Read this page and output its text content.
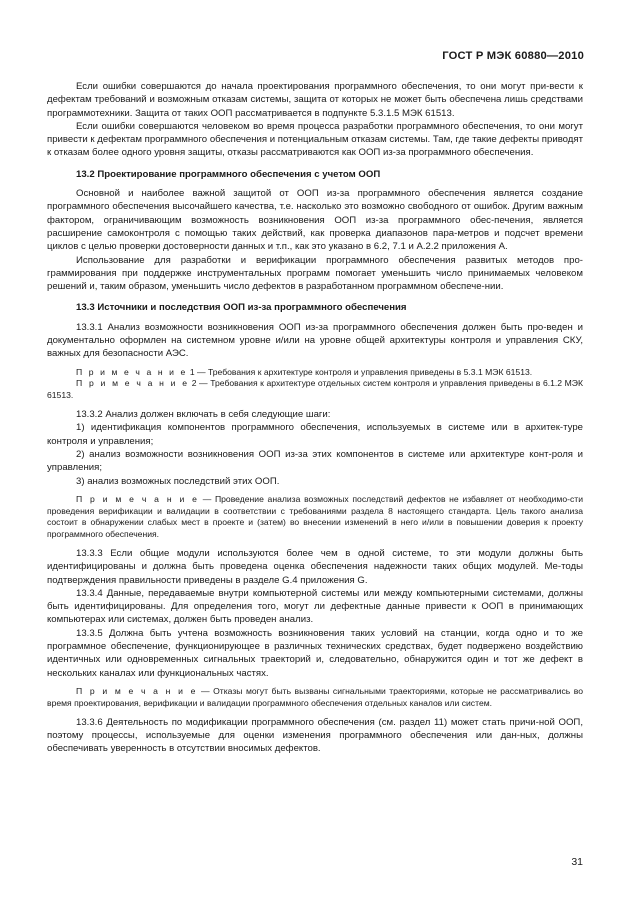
ГОСТ Р МЭК 60880—2010

Если ошибки совершаются до начала проектирования программного обеспечения, то они могут при-вести к дефектам требований и возможным отказам системы, защита от которых не может быть обеспечена лишь средствами программотехники. Защита от таких ООП рассматривается в подпункте 5.3.1.5 МЭК 61513.

Если ошибки совершаются человеком во время процесса разработки программного обеспечения, то они могут привести к дефектам программного обеспечения и потенциальным отказам системы. Там, где такие дефекты приводят к отказам более одного уровня защиты, отказы рассматриваются как ООП из-за программного обеспечения.

13.2 Проектирование программного обеспечения с учетом ООП

Основной и наиболее важной защитой от ООП из-за программного обеспечения является создание программного обеспечения высочайшего качества, т.е. насколько это возможно свободного от ошибок. Другим важным фактором, ограничивающим возможность возникновения ООП из-за программного обес-печения, является расширение самоконтроля с помощью таких действий, как проверка диапазонов пара-метров и подсчет времени циклов с целью проверки достоверности данных и т.п., как это указано в 6.2, 7.1 и А.2.2 приложения А.

Использование для разработки и верификации программного обеспечения развитых методов про-граммирования при поддержке инструментальных программ помогает уменьшить число принимаемых человеком решений и, таким образом, уменьшить число дефектов в разработанном программном обеспече-нии.

13.3 Источники и последствия ООП из-за программного обеспечения

13.3.1 Анализ возможности возникновения ООП из-за программного обеспечения должен быть про-веден и документально оформлен на системном уровне и/или на уровне общей архитектуры контроля и управления СКУ, важных для безопасности АЭС.

П р и м е ч а н и е 1 — Требования к архитектуре контроля и управления приведены в 5.3.1 МЭК 61513.

П р и м е ч а н и е 2 — Требования к архитектуре отдельных систем контроля и управления приведены в 6.1.2 МЭК 61513.

13.3.2 Анализ должен включать в себя следующие шаги:

1) идентификация компонентов программного обеспечения, используемых в системе или в архитек-туре контроля и управления;

2) анализ возможности возникновения ООП из-за этих компонентов в системе или архитектуре конт-роля и управления;

3) анализ возможных последствий этих ООП.

П р и м е ч а н и е — Проведение анализа возможных последствий дефектов не избавляет от необходимо-сти проведения верификации и валидации в соответствии с требованиями раздела 8 настоящего стандарта. Цель такого анализа состоит в обнаружении слабых мест в проекте и (затем) во внесении изменений в него и/или в повышении доверия к проекту программного обеспечения.

13.3.3 Если общие модули используются более чем в одной системе, то эти модули должны быть идентифицированы и должна быть проведена оценка обеспечения надежности таких общих модулей. Ме-тоды подтверждения правильности приведены в разделе G.4 приложения G.

13.3.4 Данные, передаваемые внутри компьютерной системы или между компьютерными системами, должны быть идентифицированы. Для определения того, могут ли дефектные данные привести к ООП в принимающих компьютерах или системах, должен быть проведен анализ.

13.3.5 Должна быть учтена возможность возникновения таких условий на станции, когда одно и то же программное обеспечение, функционирующее в различных технических средствах, будет подвержено воздействию идентичных или одновременных сигнальных траекторий и, следовательно, обнаружится один и тот же дефект в нескольких каналах или функциональных частях.

П р и м е ч а н и е — Отказы могут быть вызваны сигнальными траекториями, которые не рассматривались во время проектирования, верификации и валидации программного обеспечения отдельных каналов или систем.

13.3.6 Деятельность по модификации программного обеспечения (см. раздел 11) может стать причи-ной ООП, поэтому процессы, используемые для оценки изменения программного обеспечения или дан-ных, должны обеспечивать уверенность в отсутствии вносимых дефектов.

31
